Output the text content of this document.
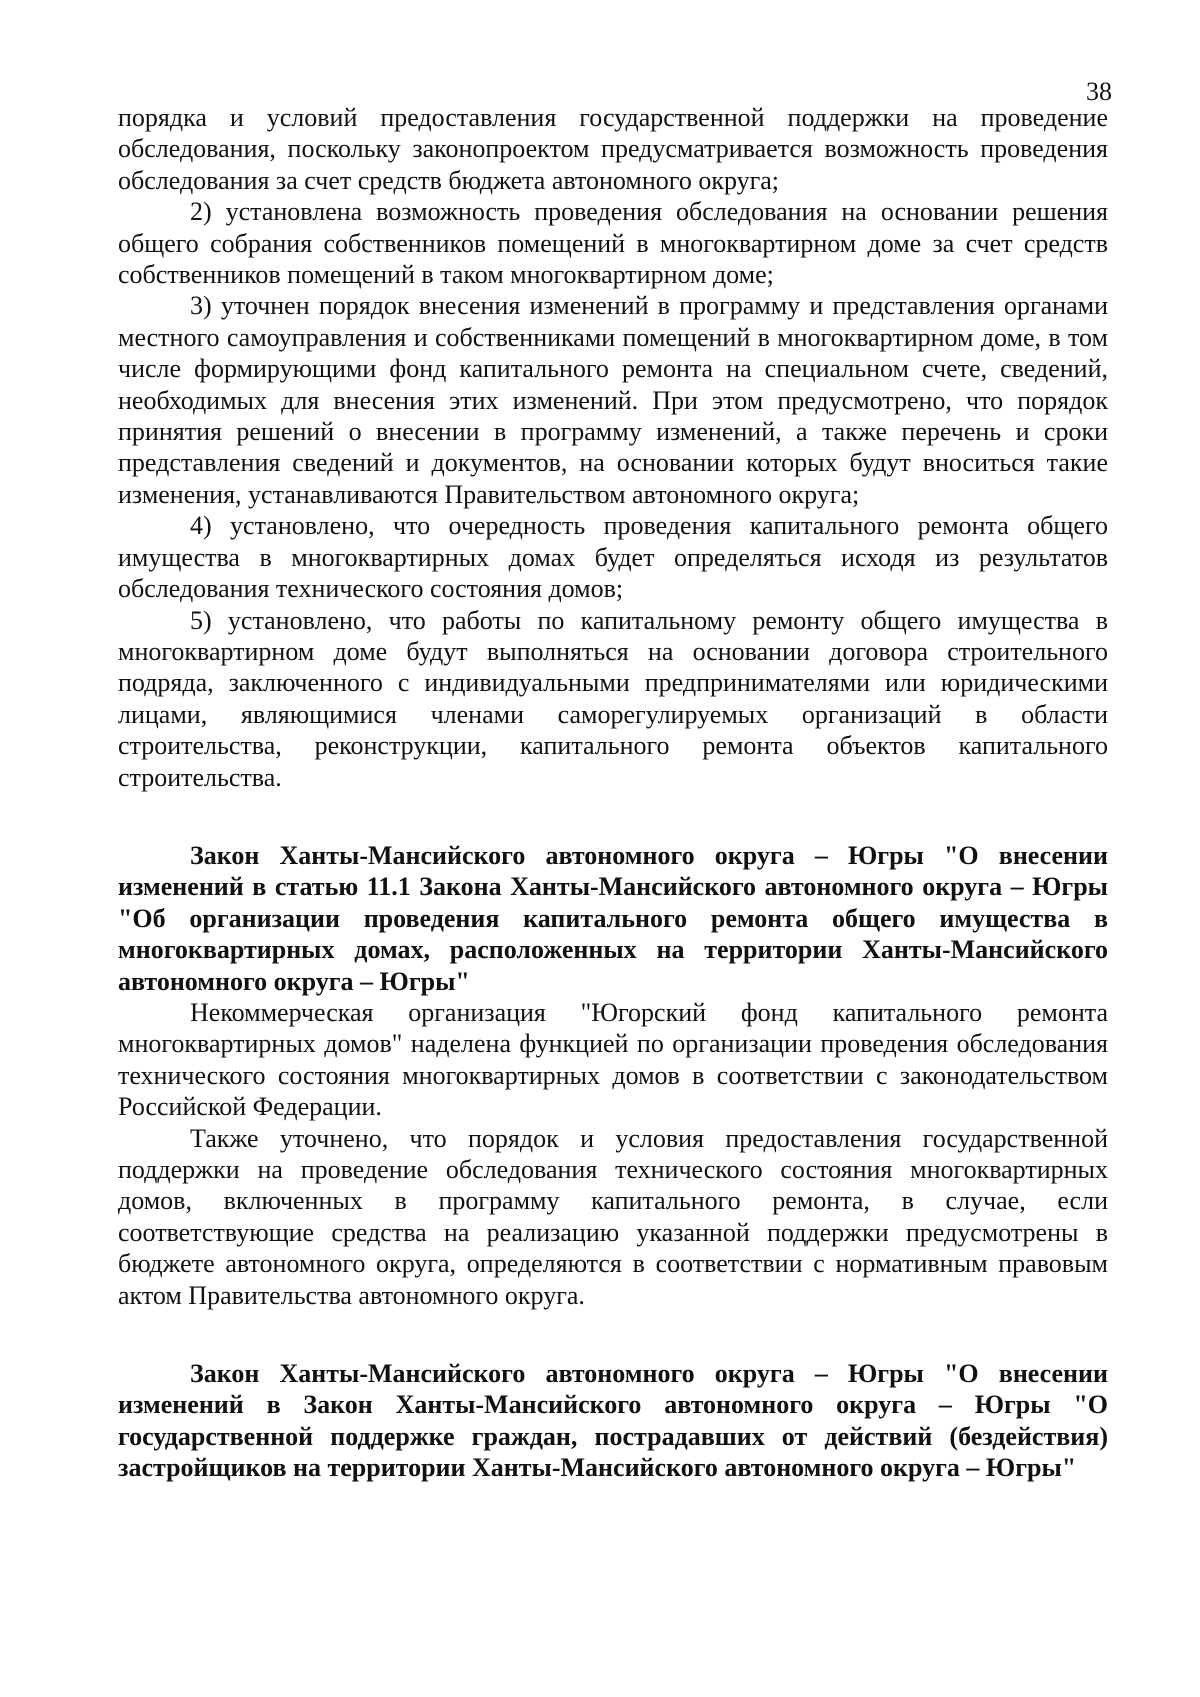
38

порядка и условий предоставления государственной поддержки на проведение обследования, поскольку законопроектом предусматривается возможность проведения обследования за счет средств бюджета автономного округа;

2) установлена возможность проведения обследования на основании решения общего собрания собственников помещений в многоквартирном доме за счет средств собственников помещений в таком многоквартирном доме;

3) уточнен порядок внесения изменений в программу и представления органами местного самоуправления и собственниками помещений в многоквартирном доме, в том числе формирующими фонд капитального ремонта на специальном счете, сведений, необходимых для внесения этих изменений. При этом предусмотрено, что порядок принятия решений о внесении в программу изменений, а также перечень и сроки представления сведений и документов, на основании которых будут вноситься такие изменения, устанавливаются Правительством автономного округа;

4) установлено, что очередность проведения капитального ремонта общего имущества в многоквартирных домах будет определяться исходя из результатов обследования технического состояния домов;

5) установлено, что работы по капитальному ремонту общего имущества в многоквартирном доме будут выполняться на основании договора строительного подряда, заключенного с индивидуальными предпринимателями или юридическими лицами, являющимися членами саморегулируемых организаций в области строительства, реконструкции, капитального ремонта объектов капитального строительства.

Закон Ханты-Мансийского автономного округа – Югры "О внесении изменений в статью 11.1 Закона Ханты-Мансийского автономного округа – Югры "Об организации проведения капитального ремонта общего имущества в многоквартирных домах, расположенных на территории Ханты-Мансийского автономного округа – Югры"

Некоммерческая организация "Югорский фонд капитального ремонта многоквартирных домов" наделена функцией по организации проведения обследования технического состояния многоквартирных домов в соответствии с законодательством Российской Федерации.

Также уточнено, что порядок и условия предоставления государственной поддержки на проведение обследования технического состояния многоквартирных домов, включенных в программу капитального ремонта, в случае, если соответствующие средства на реализацию указанной поддержки предусмотрены в бюджете автономного округа, определяются в соответствии с нормативным правовым актом Правительства автономного округа.

Закон Ханты-Мансийского автономного округа – Югры "О внесении изменений в Закон Ханты-Мансийского автономного округа – Югры "О государственной поддержке граждан, пострадавших от действий (бездействия) застройщиков на территории Ханты-Мансийского автономного округа – Югры"
